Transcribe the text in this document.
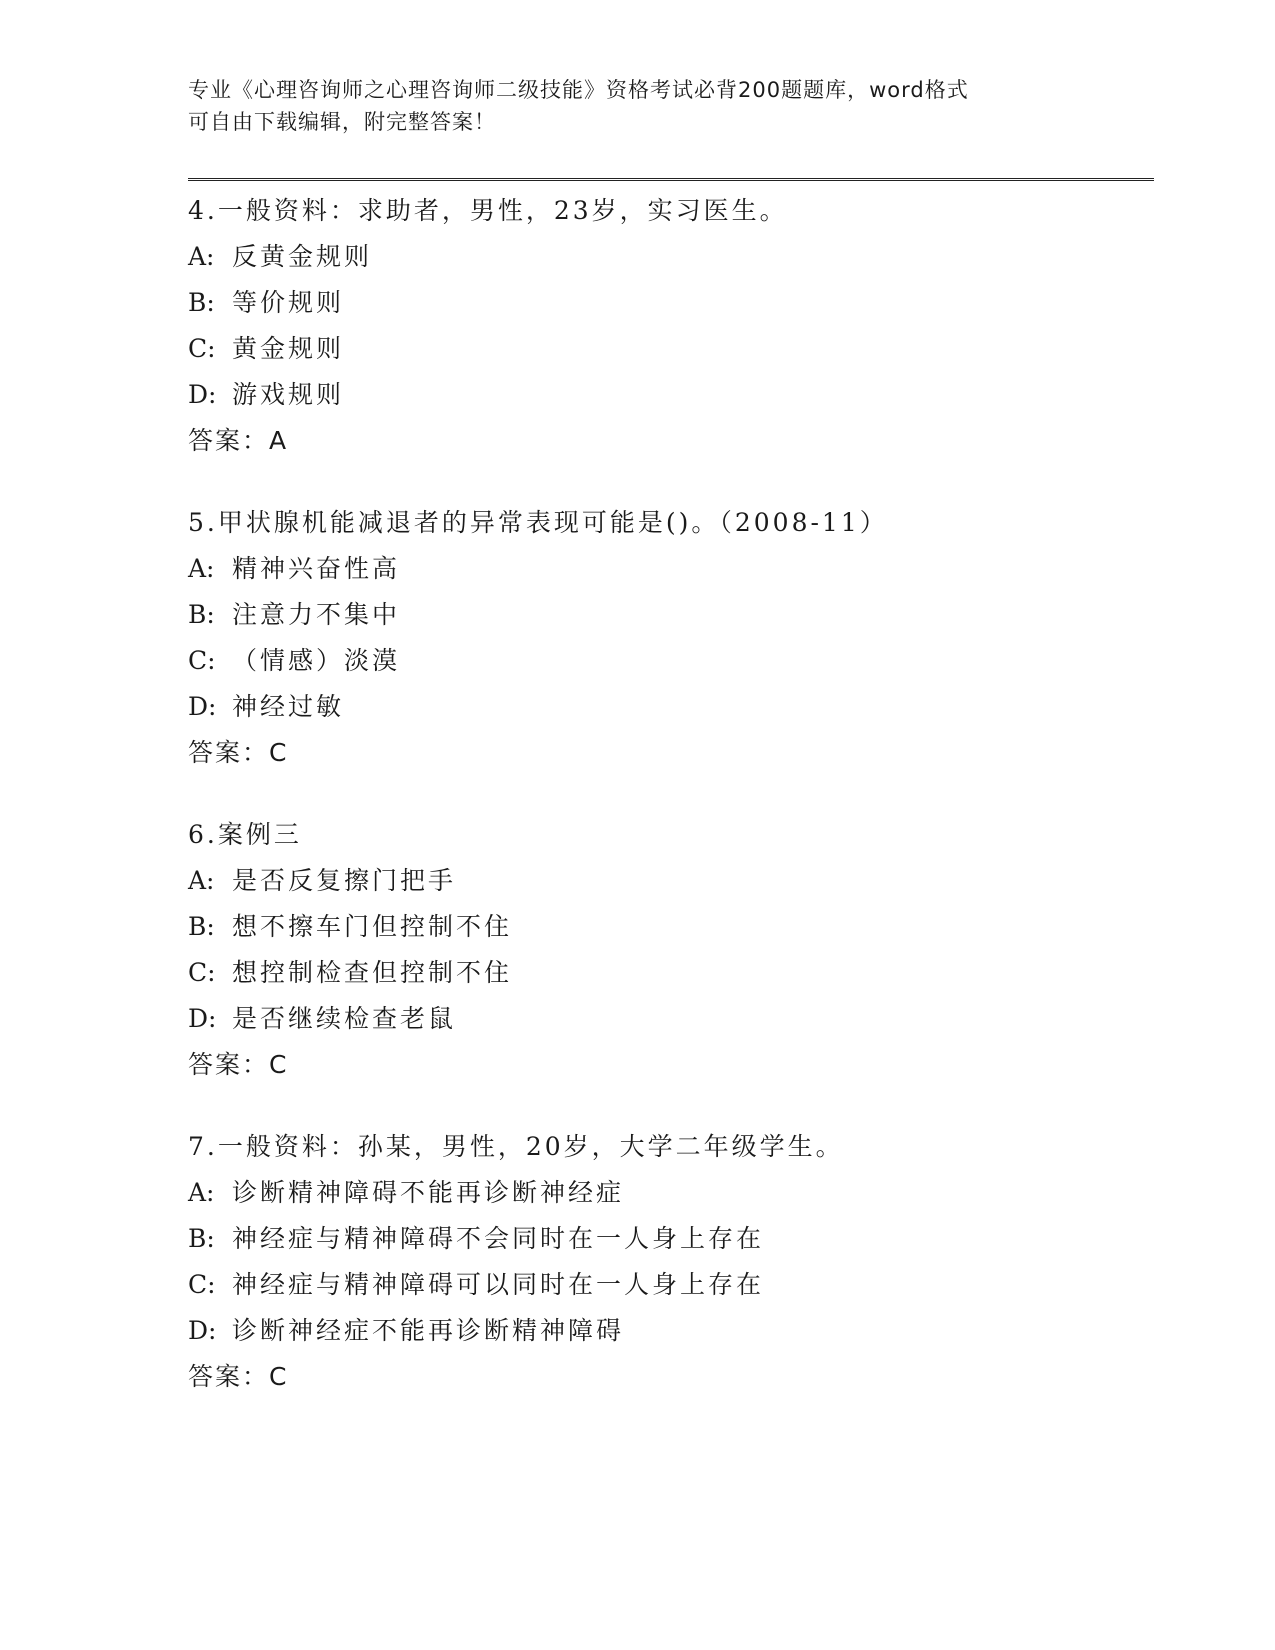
专业《心理咨询师之心理咨询师二级技能》资格考试必背200题题库，word格式
可自由下载编辑，附完整答案！
4.一般资料：求助者，男性，23岁，实习医生。
A: 反黄金规则
B: 等价规则
C: 黄金规则
D: 游戏规则
答案：A
5.甲状腺机能减退者的异常表现可能是()。（2008-11）
A: 精神兴奋性高
B: 注意力不集中
C: （情感）淡漠
D: 神经过敏
答案：C
6.案例三
A: 是否反复擦门把手
B: 想不擦车门但控制不住
C: 想控制检查但控制不住
D: 是否继续检查老鼠
答案：C
7.一般资料：孙某，男性，20岁，大学二年级学生。
A: 诊断精神障碍不能再诊断神经症
B: 神经症与精神障碍不会同时在一人身上存在
C: 神经症与精神障碍可以同时在一人身上存在
D: 诊断神经症不能再诊断精神障碍
答案：C
